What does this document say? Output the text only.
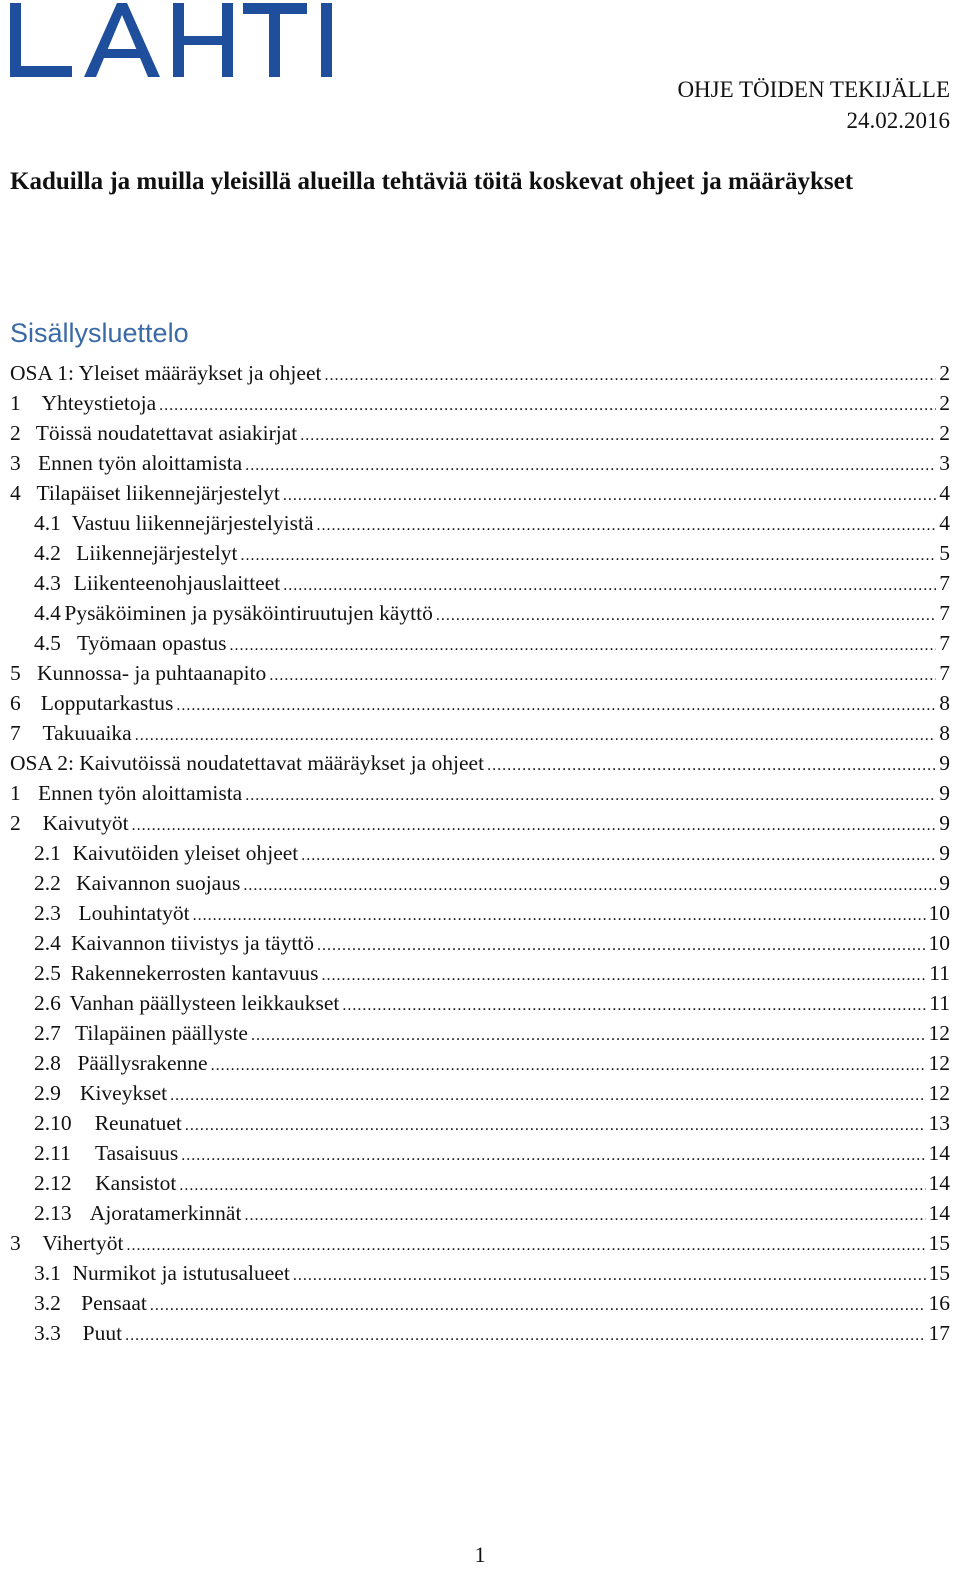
OHJE TÖIDEN TEKIJÄLLE
24.02.2016
Kaduilla ja muilla yleisillä alueilla tehtäviä töitä koskevat ohjeet ja määräykset
Sisällysluettelo
OSA 1: Yleiset määräykset ja ohjeet .....	2
1 Yhteystietoja .....	2
2 Töissä noudatettavat asiakirjat .....	2
3 Ennen työn aloittamista .....	3
4 Tilapäiset liikennejärjestelyt .....	4
4.1 Vastuu liikennejärjestelyistä .....	4
4.2 Liikennejärjestelyt .....	5
4.3 Liikenteenohjauslaitteet .....	7
4.4 Pysäköiminen ja pysäköintiruutujen käyttö .....	7
4.5 Työmaan opastus .....	7
5 Kunnossa- ja puhtaanapito .....	7
6 Lopputarkastus .....	8
7	Takuuaika .....	8
OSA 2: Kaivutöissä noudatettavat määräykset ja ohjeet .....	9
1 Ennen työn aloittamista .....	9
2	Kaivutyöt .....	9
2.1 Kaivutöiden yleiset ohjeet .....	9
2.2 Kaivannon suojaus .....	9
2.3 Louhintatyöt .....	10
2.4 Kaivannon tiivistys ja täyttö .....	10
2.5 Rakennekerrosten kantavuus .....	11
2.6 Vanhan päällysteen leikkaukset .....	11
2.7 Tilapäinen päällyste .....	12
2.8 Päällysrakenne .....	12
2.9 Kiveykset .....	12
2.10	Reunatuet .....	13
2.11	Tasaisuus .....	14
2.12	Kansistot .....	14
2.13 Ajoratamerkinnät .....	14
3	Vihertyöt .....	15
3.1 Nurmikot ja istutusalueet .....	15
3.2 Pensaat .....	16
3.3	Puut .....	17
1
